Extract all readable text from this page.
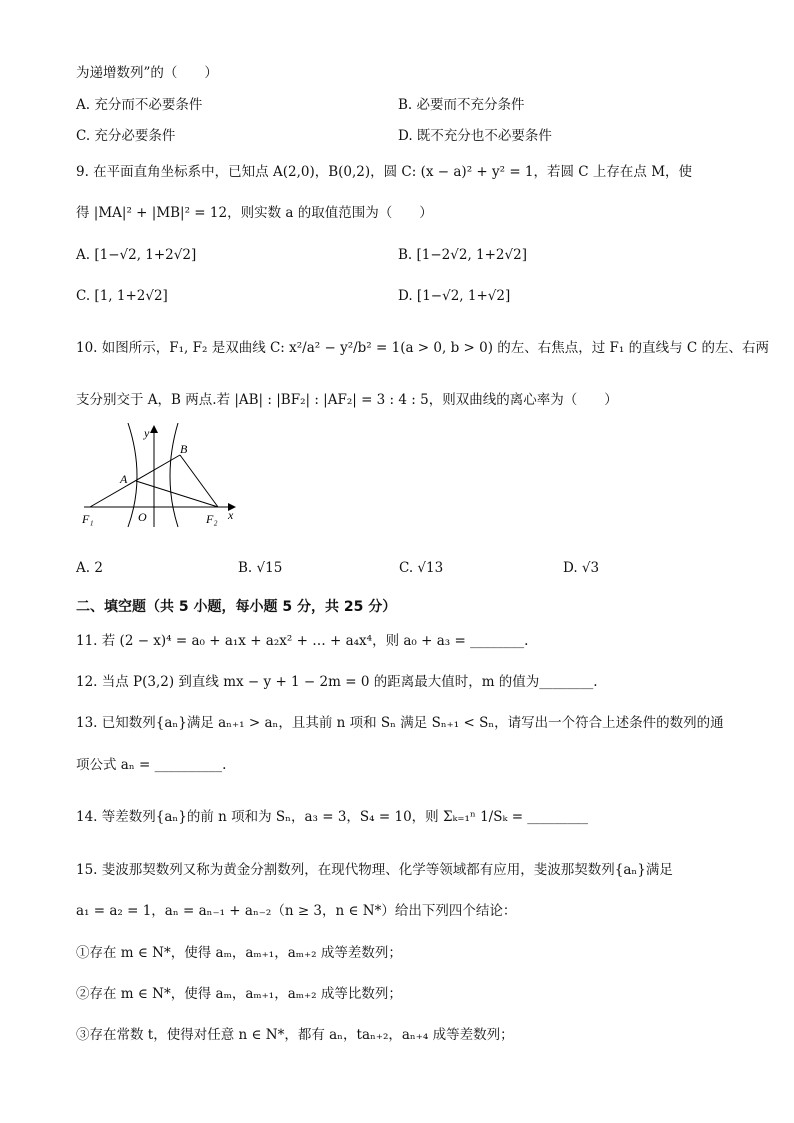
为递增数列”的（　　）
A. 充分而不必要条件	B. 必要而不充分条件
C. 充分必要条件	D. 既不充分也不必要条件
9. 在平面直角坐标系中，已知点 A(2,0)，B(0,2)，圆 C: (x − a)² + y² = 1，若圆 C 上存在点 M，使
得 |MA|² + |MB|² = 12，则实数 a 的取值范围为（　　）
A. [1−√2, 1+2√2]	B. [1−2√2, 1+2√2]
C. [1, 1+2√2]	D. [1−√2, 1+√2]
10. 如图所示，F₁, F₂ 是双曲线 C: x²/a² − y²/b² = 1(a > 0, b > 0) 的左、右焦点，过 F₁ 的直线与 C 的左、右两
支分别交于 A，B 两点.若 |AB| : |BF₂| : |AF₂| = 3 : 4 : 5，则双曲线的离心率为（　　）
y
x
A
B
O
F₁	F₂
A. 2	B. √15	C. √13	D. √3
二、填空题（共 5 小题，每小题 5 分，共 25 分）
11. 若 (2 − x)⁴ = a₀ + a₁x + a₂x² + … + a₄x⁴，则 a₀ + a₃ = ________.
12. 当点 P(3,2) 到直线 mx − y + 1 − 2m = 0 的距离最大值时，m 的值为________.
13. 已知数列{aₙ}满足 aₙ₊₁ > aₙ，且其前 n 项和 Sₙ 满足 Sₙ₊₁ < Sₙ，请写出一个符合上述条件的数列的通
项公式 aₙ = __________.
14. 等差数列{aₙ}的前 n 项和为 Sₙ，a₃ = 3，S₄ = 10，则 Σₖ₌₁ⁿ 1/Sₖ = _________
15. 斐波那契数列又称为黄金分割数列，在现代物理、化学等领域都有应用，斐波那契数列{aₙ}满足
a₁ = a₂ = 1，aₙ = aₙ₋₁ + aₙ₋₂（n ≥ 3，n ∈ N*）给出下列四个结论：
①存在 m ∈ N*，使得 aₘ，aₘ₊₁，aₘ₊₂ 成等差数列；
②存在 m ∈ N*，使得 aₘ，aₘ₊₁，aₘ₊₂ 成等比数列；
③存在常数 t，使得对任意 n ∈ N*，都有 aₙ，taₙ₊₂，aₙ₊₄ 成等差数列；
